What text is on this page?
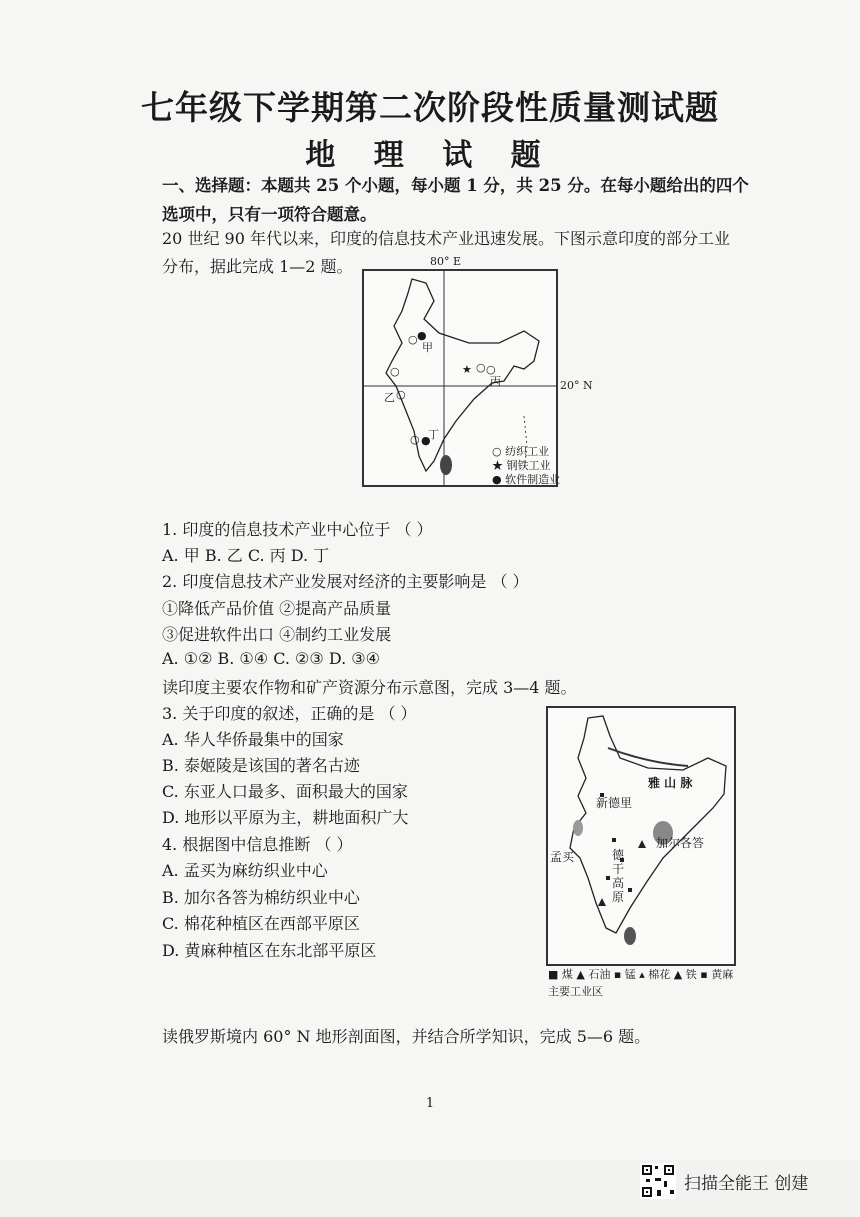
七年级下学期第二次阶段性质量测试题
地 理 试 题
一、选择题：本题共 25 个小题，每小题 1 分，共 25 分。在每小题给出的四个
选项中，只有一项符合题意。
20 世纪 90 年代以来，印度的信息技术产业迅速发展。下图示意印度的部分工业
分布，据此完成 1—2 题。	80° E
20° N
○ ●
甲
★ ○ ○
丙
○
乙 ○
○ ●
丁
○ 纺织工业
★ 钢铁工业
● 软件制造业
1. 印度的信息技术产业中心位于 （ ）
A. 甲 B. 乙 C. 丙 D. 丁
2. 印度信息技术产业发展对经济的主要影响是 （ ）
①降低产品价值 ②提高产品质量
③促进软件出口 ④制约工业发展
A. ①② B. ①④ C. ②③ D. ③④
读印度主要农作物和矿产资源分布示意图，完成 3—4 题。
3. 关于印度的叙述，正确的是 （ ）
A. 华人华侨最集中的国家
B. 泰姬陵是该国的著名古迹
C. 东亚人口最多、面积最大的国家
D. 地形以平原为主，耕地面积广大
4. 根据图中信息推断 （ ）
A. 孟买为麻纺织业中心
B. 加尔各答为棉纺织业中心
C. 棉花种植区在西部平原区
D. 黄麻种植区在东北部平原区
雅 山 脉
新德里
加尔各答
孟买	德 干 高 原
■ 煤 ▲ 石油 ▪ 锰 ▴ 棉花 ▲ 铁 ▪ 黄麻
主要工业区
读俄罗斯境内 60° N 地形剖面图，并结合所学知识，完成 5—6 题。
1
扫描全能王 创建
